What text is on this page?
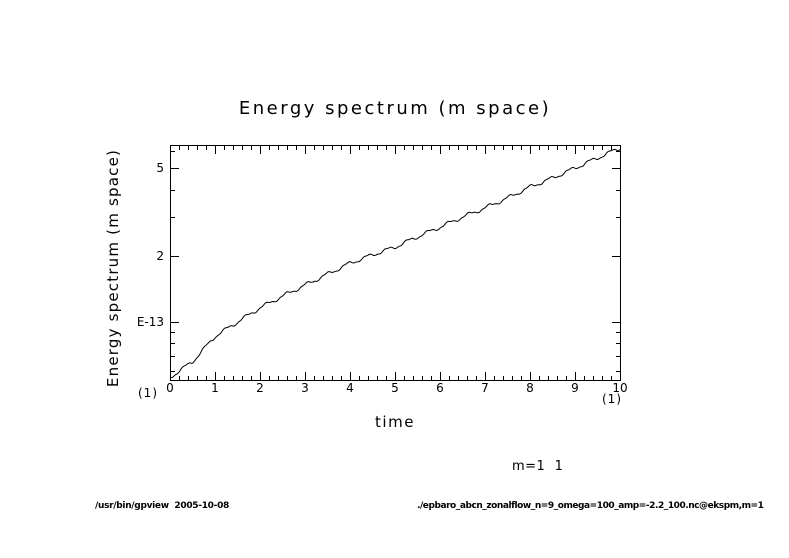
Energy spectrum (m space)
Energy spectrum (m space)
time
(1)	(1)
m=1  1
/usr/bin/gpview  2005-10-08	./epbaro_abcn_zonalflow_n=9_omega=100_amp=-2.2_100.nc@ekspm,m=1
0	1	2	3	4	5	6	7	8	9	10
5
2
E-13
